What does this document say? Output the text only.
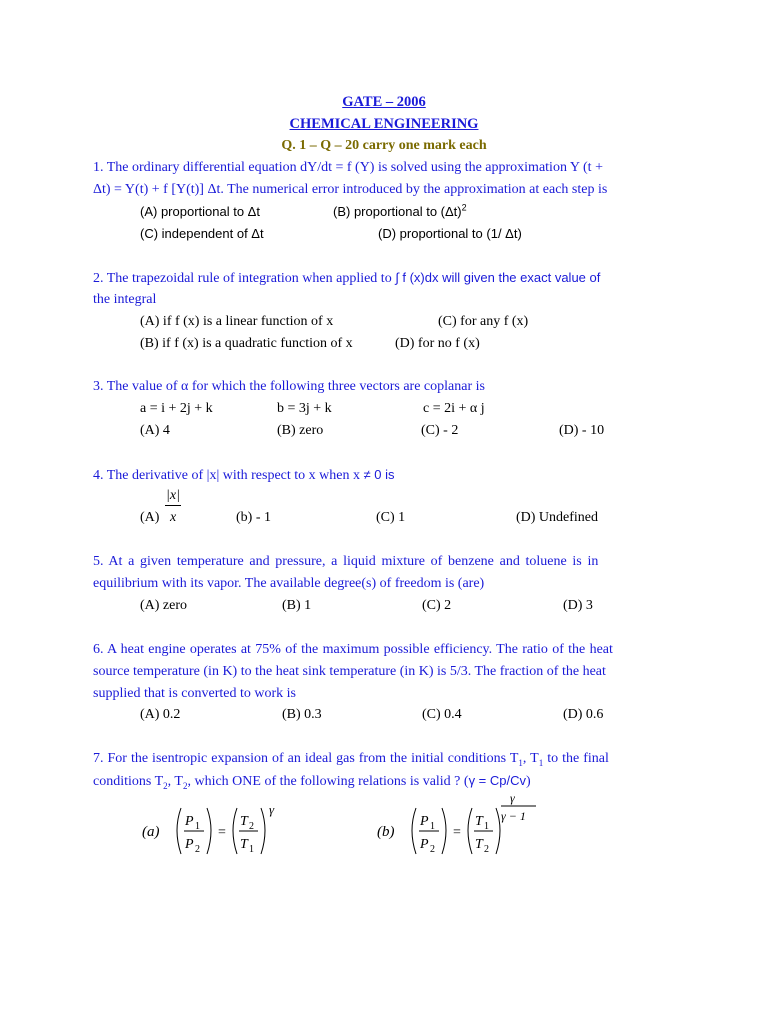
GATE – 2006
CHEMICAL ENGINEERING
Q. 1 – Q – 20 carry one mark each
1. The ordinary differential equation dY/dt = f (Y) is solved using the approximation Y (t +
Δt) = Y(t) + f [Y(t)] Δt. The numerical error introduced by the approximation at each step is
(A) proportional to Δt	(B) proportional to $(\Delta t)^2$
(C) independent of Δt	(D) proportional to (1/ Δt)
2. The trapezoidal rule of integration when applied to ∫ f (x)dx will given the exact value of
the integral
(A) if f (x) is a linear function of x	(C) for any f (x)
(B) if f (x) is a quadratic function of x	(D) for no f (x)
3. The value of α for which the following three vectors are coplanar is
a = i + 2j + k	b = 3j + k	c = 2i + α j
(A) 4	(B) zero	(C) - 2	(D) - 10
4. The derivative of |x| with respect to x when x ≠ 0 is
|x|
(A) x	(b) - 1	(C) 1	(D) Undefined
5. At a given temperature and pressure, a liquid mixture of benzene and toluene is in
equilibrium with its vapor. The available degree(s) of freedom is (are)
(A) zero	(B) 1	(C) 2	(D) 3
6. A heat engine operates at 75% of the maximum possible efficiency. The ratio of the heat
source temperature (in K) to the heat sink temperature (in K) is 5/3. The fraction of the heat
supplied that is converted to work is
(A) 0.2	(B) 0.3	(C) 0.4	(D) 0.6
7. For the isentropic expansion of an ideal gas from the initial conditions $T_1$, $T_1$ to the final
conditions $T_2$, $T_2$, which ONE of the following relations is valid ? (γ = Cp/Cv)
(a)
P 1
P 2
=
T 2
T 1
γ
(b)
P 1
P 2
=
T 1
T 2
γ
γ − 1
